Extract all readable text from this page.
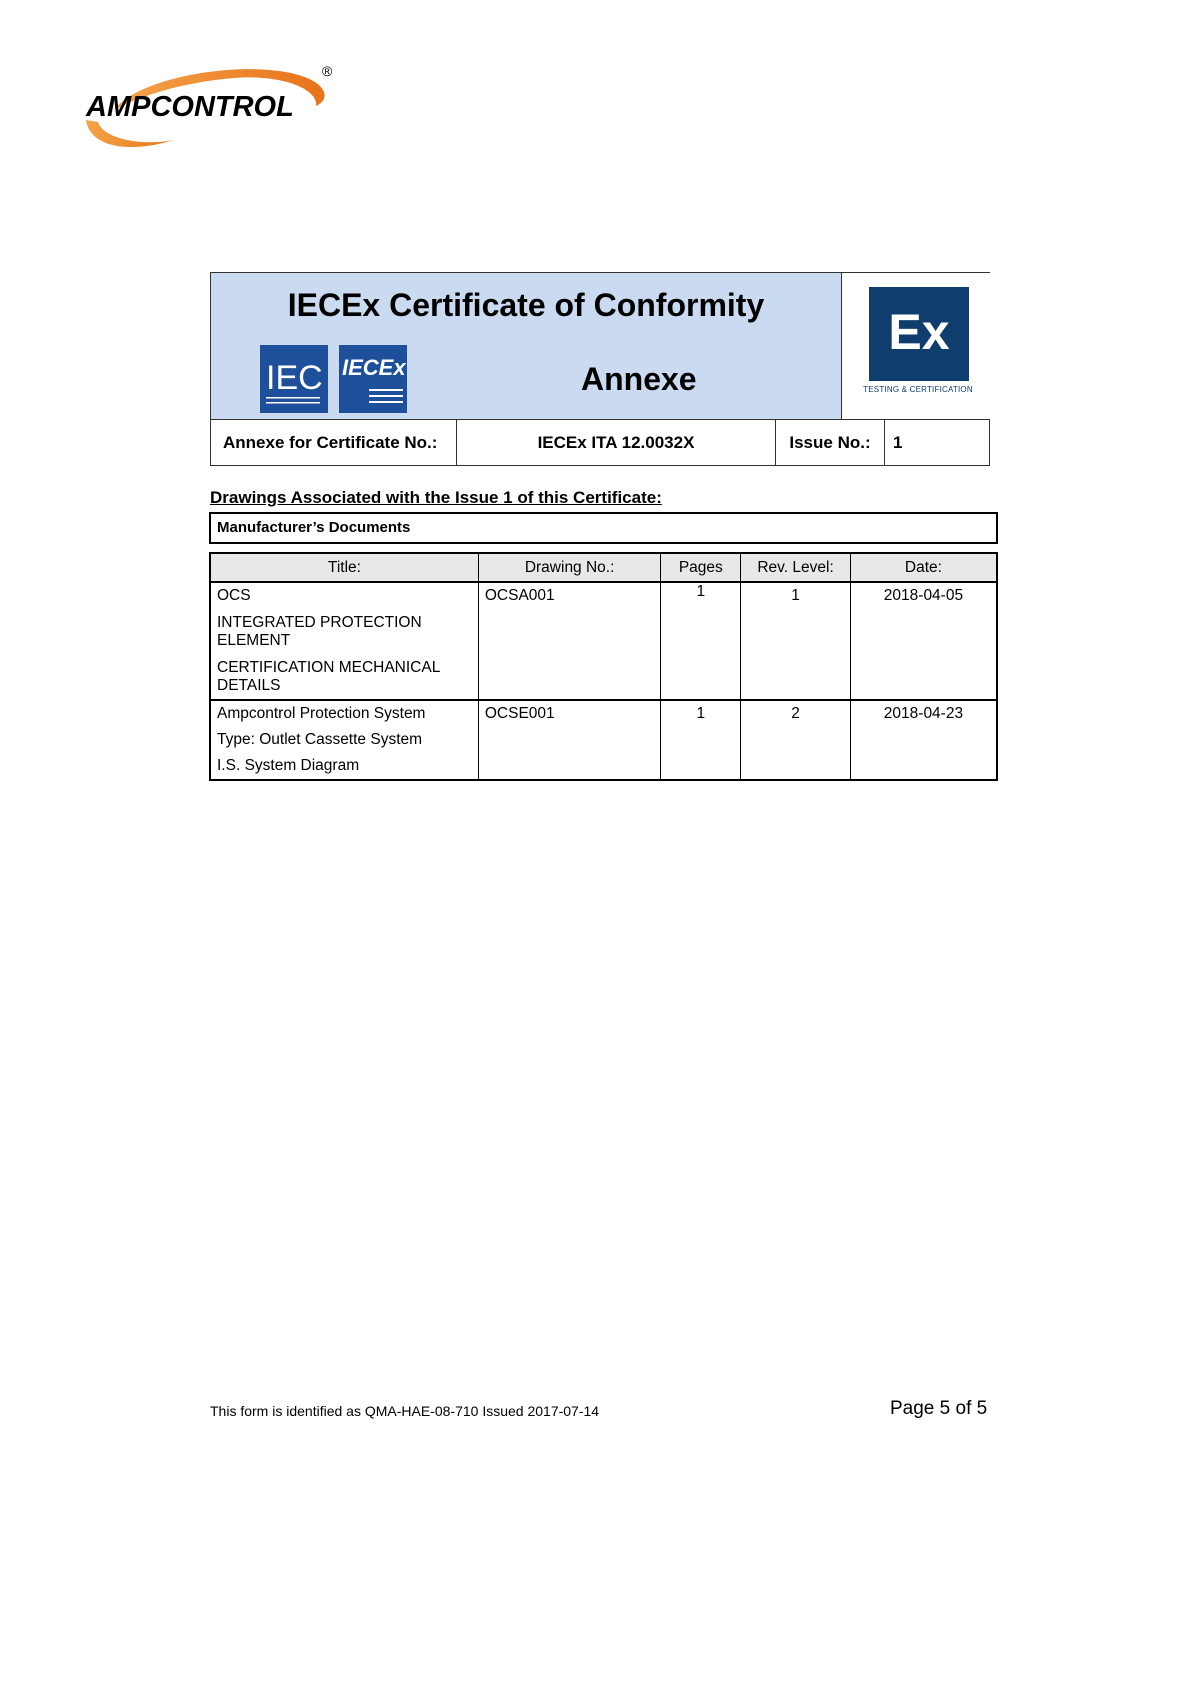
AMPCONTROL
®
IECEx Certificate of Conformity
IEC IECEx	Annexe
Ex
TESTING & CERTIFICATION
Annexe for Certificate No.:	IECEx ITA 12.0032X	Issue No.:	1
Drawings Associated with the Issue 1 of this Certificate:
Manufacturer’s Documents
Title:	Drawing No.:	Pages	Rev. Level:	Date:

OCS
INTEGRATED PROTECTION ELEMENT
CERTIFICATION MECHANICAL DETAILS	OCSA001	1	1	2018-04-05

Ampcontrol Protection System
Type: Outlet Cassette System
I.S. System Diagram	OCSE001	1	2	2018-04-23
This form is identified as QMA-HAE-08-710 Issued 2017-07-14	Page 5 of 5
